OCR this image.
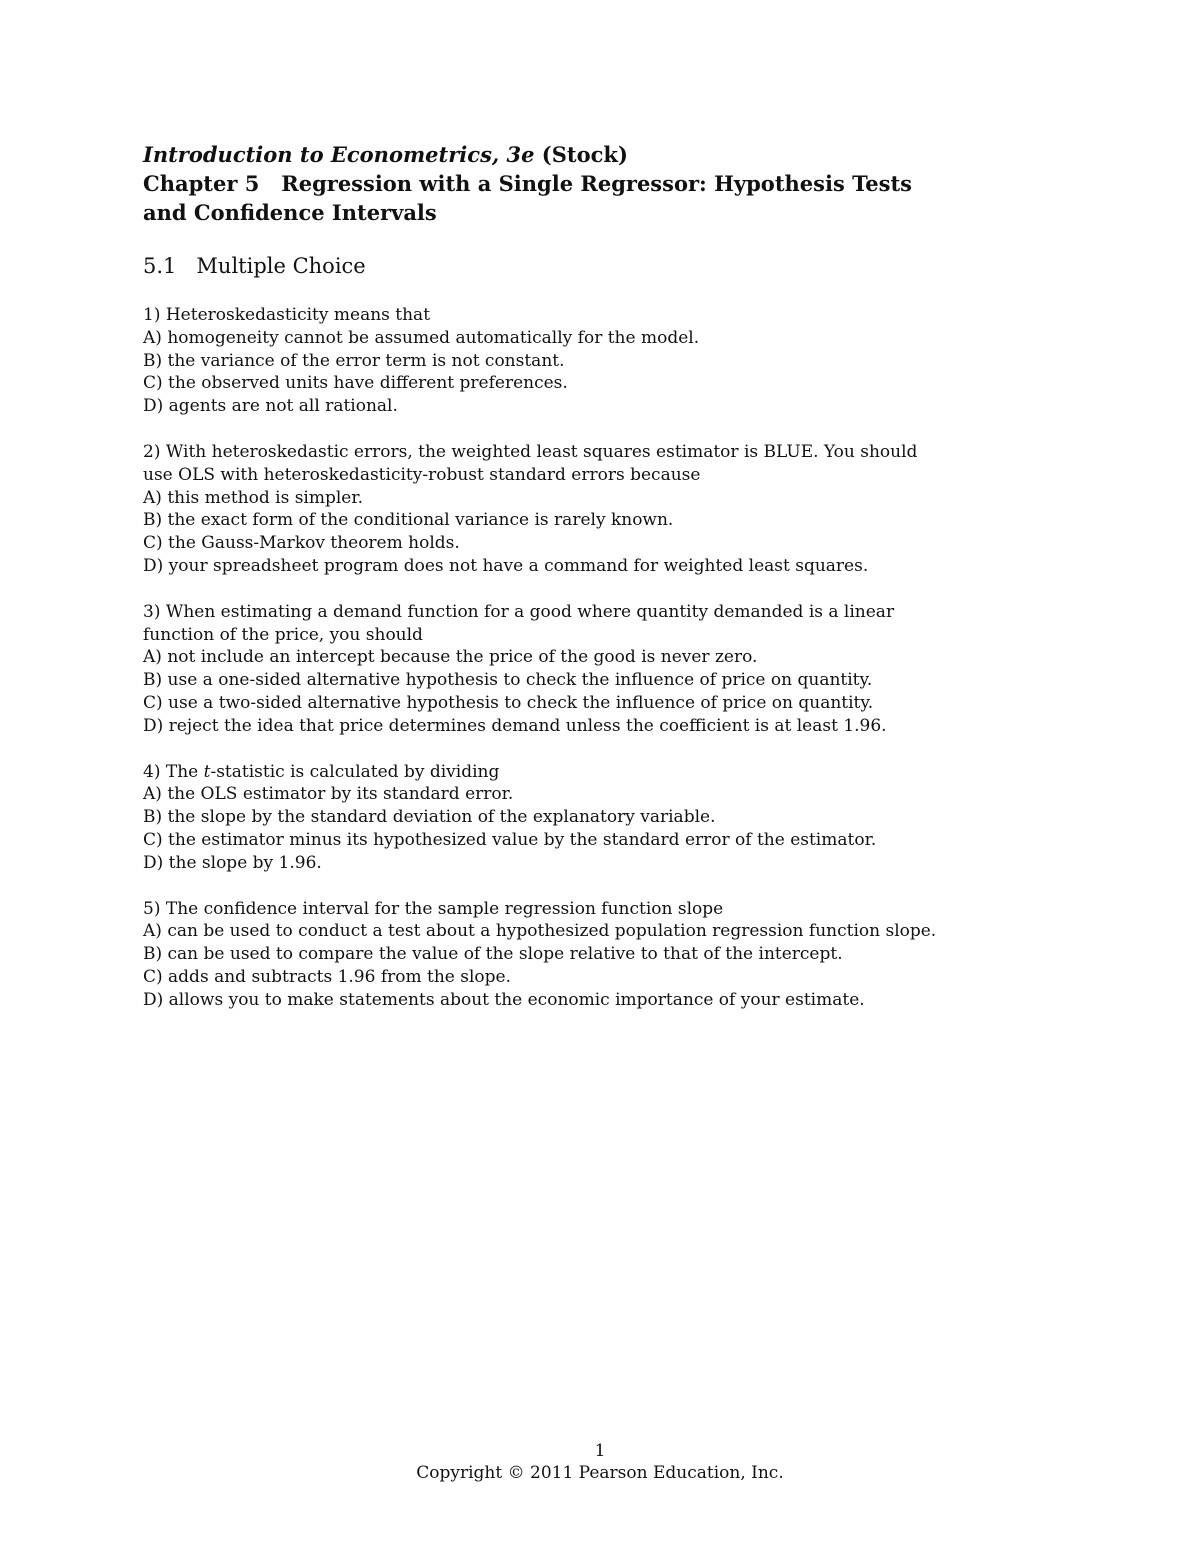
Introduction to Econometrics, 3e (Stock)

Chapter 5   Regression with a Single Regressor: Hypothesis Tests

and Confidence Intervals

5.1   Multiple Choice

1) Heteroskedasticity means that

A) homogeneity cannot be assumed automatically for the model.

B) the variance of the error term is not constant.

C) the observed units have different preferences.

D) agents are not all rational.

2) With heteroskedastic errors, the weighted least squares estimator is BLUE. You should

use OLS with heteroskedasticity-robust standard errors because

A) this method is simpler.

B) the exact form of the conditional variance is rarely known.

C) the Gauss-Markov theorem holds.

D) your spreadsheet program does not have a command for weighted least squares.

3) When estimating a demand function for a good where quantity demanded is a linear

function of the price, you should

A) not include an intercept because the price of the good is never zero.

B) use a one-sided alternative hypothesis to check the influence of price on quantity.

C) use a two-sided alternative hypothesis to check the influence of price on quantity.

D) reject the idea that price determines demand unless the coefficient is at least 1.96.

4) The t-statistic is calculated by dividing

A) the OLS estimator by its standard error.

B) the slope by the standard deviation of the explanatory variable.

C) the estimator minus its hypothesized value by the standard error of the estimator.

D) the slope by 1.96.

5) The confidence interval for the sample regression function slope

A) can be used to conduct a test about a hypothesized population regression function slope.

B) can be used to compare the value of the slope relative to that of the intercept.

C) adds and subtracts 1.96 from the slope.

D) allows you to make statements about the economic importance of your estimate.

1
Copyright © 2011 Pearson Education, Inc.
